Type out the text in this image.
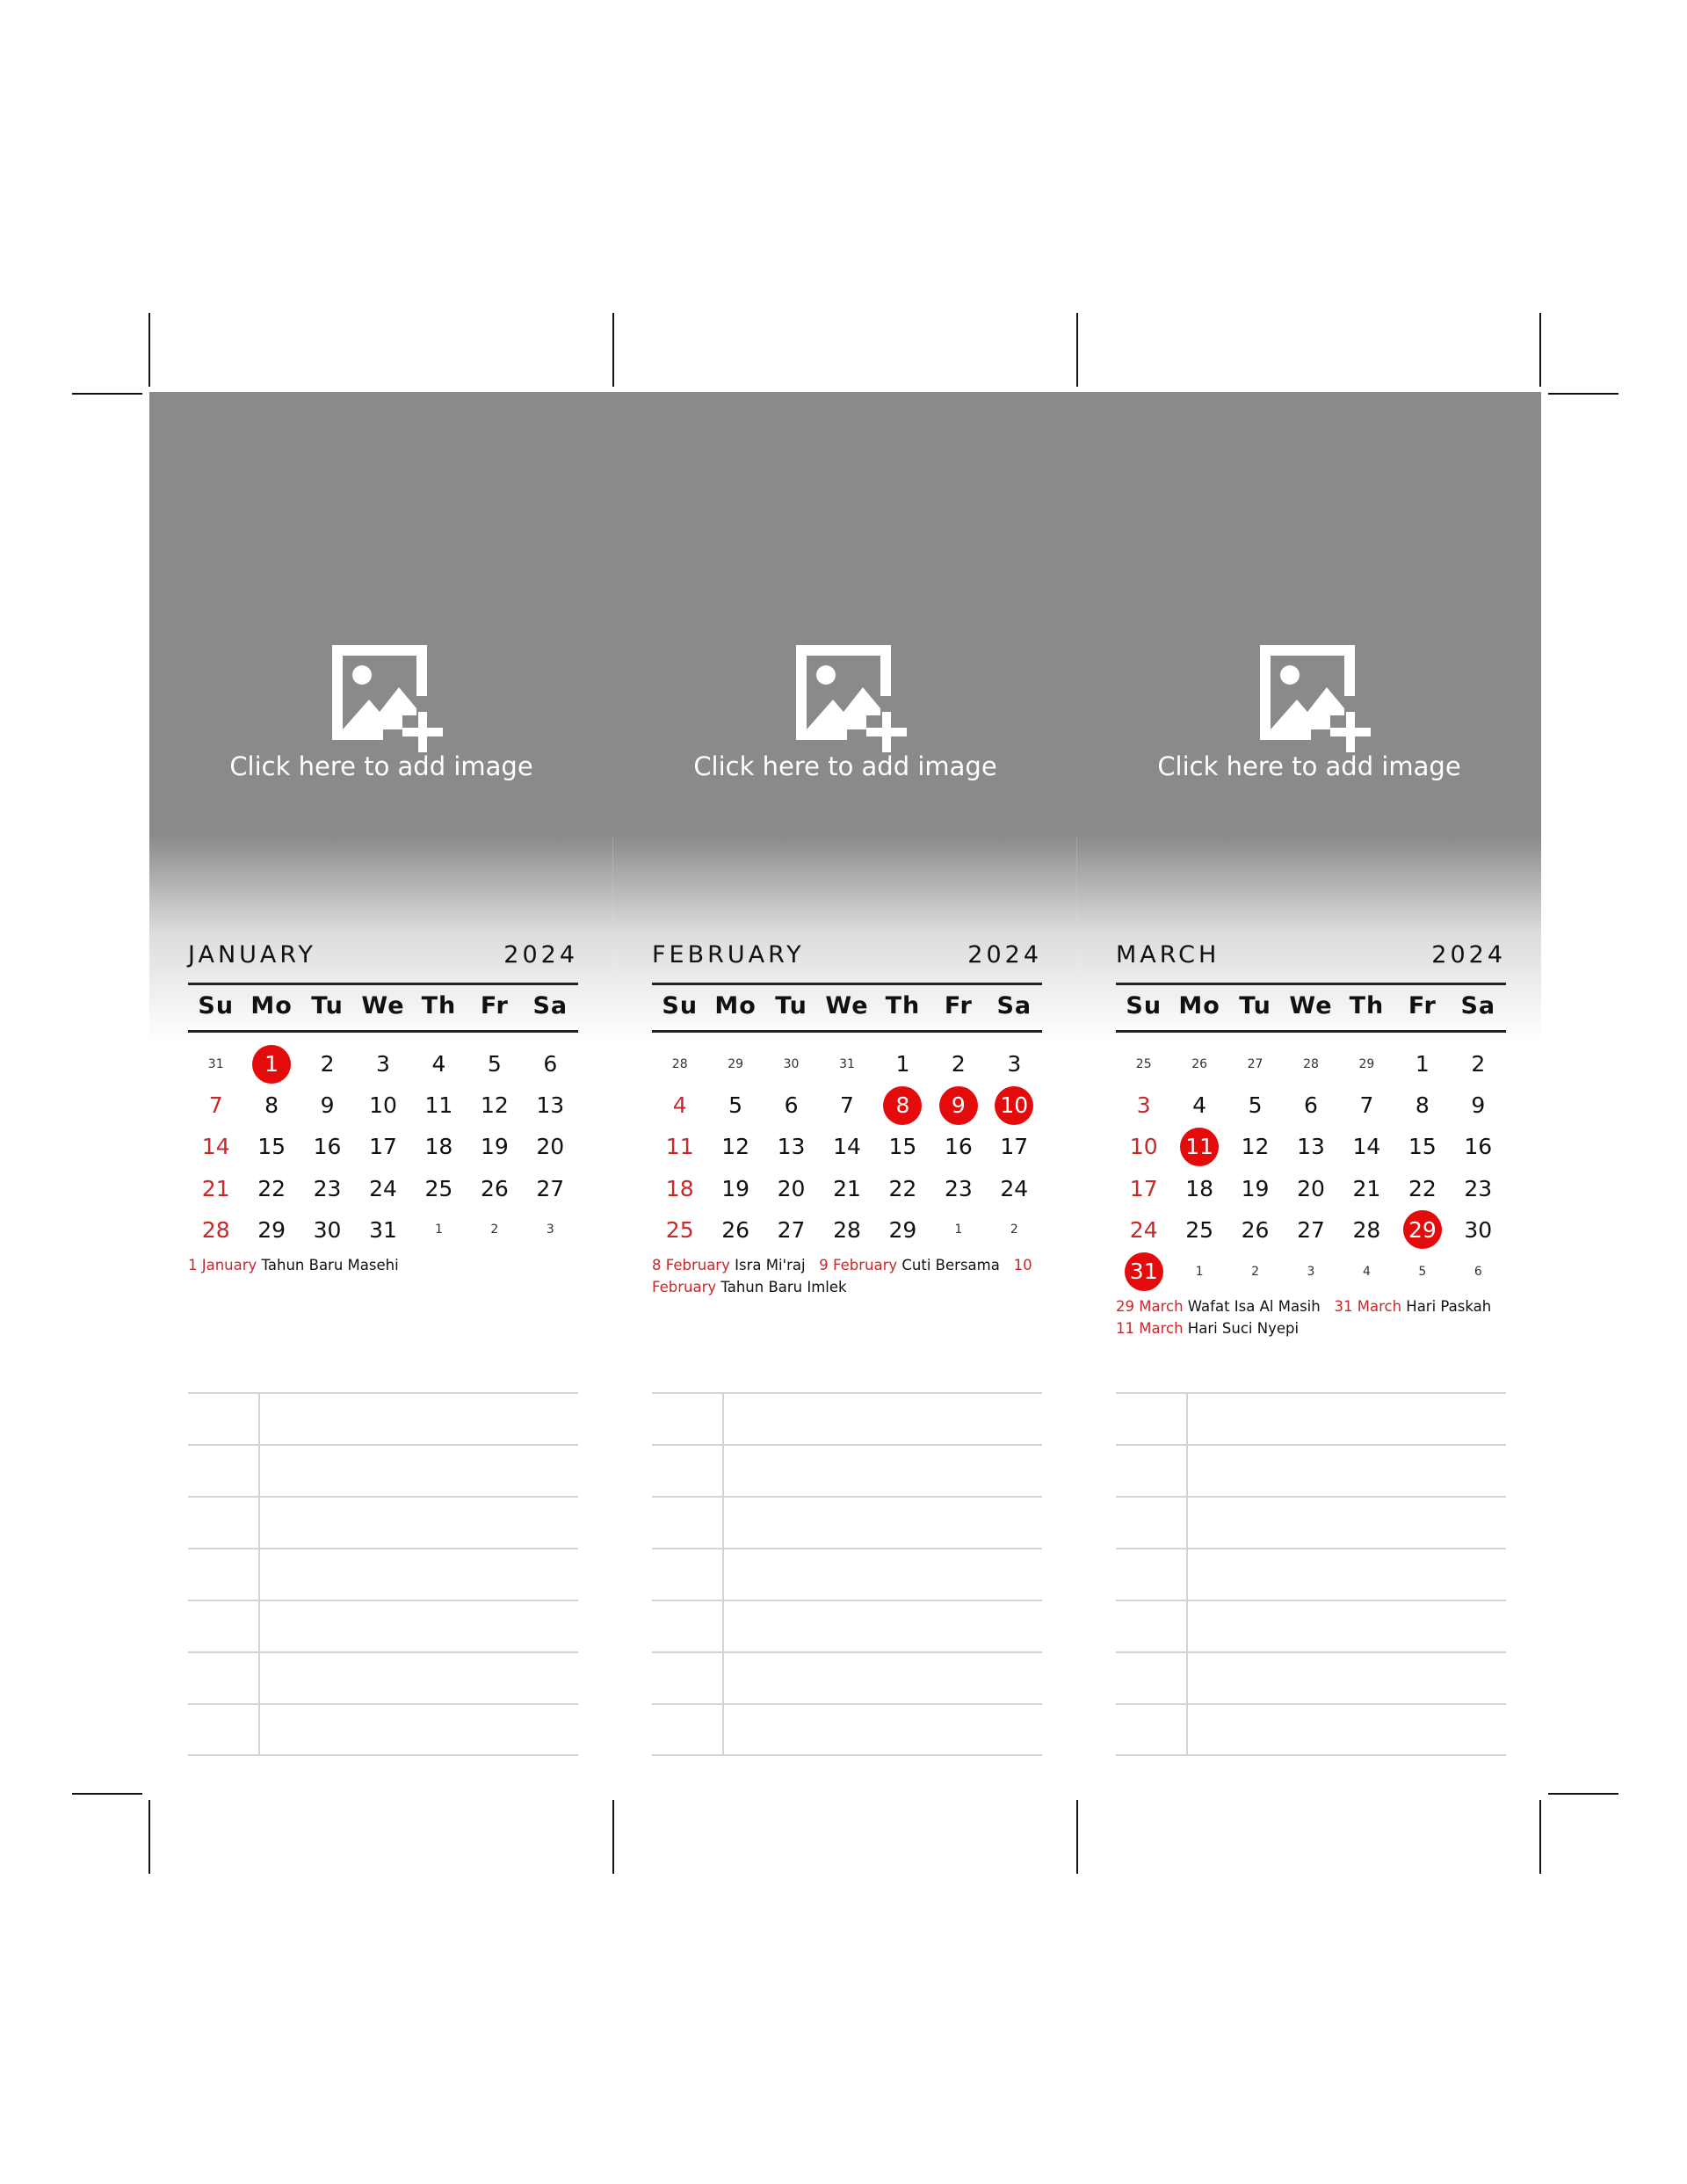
Click here to add image
JANUARY	2024
Su Mo Tu We Th	Fr	Sa
31	1	2 3 4 5 6
7 8 9 10 11 12 13
14 15 16 17 18 19 20
21 22 23 24 25 26 27
28 29 30 31	1	2	3
1 January Tahun Baru Masehi
Click here to add image
FEBRUARY	2024
Su Mo Tu We Th	Fr	Sa
28	29	30	31 1 2 3
4 5 6 7	8	9	10
11 12 13 14 15 16 17
18 19 20 21 22 23 24
25 26 27 28 29	1	2
8 February Isra Mi'raj 9 February Cuti Bersama 10 February Tahun Baru Imlek
Click here to add image
MARCH	2024
Su Mo Tu We Th	Fr	Sa
25	26	27	28	29 1 2
3 4 5 6 7 8 9
10 11 12 13 14 15 16
17 18 19 20 21 22 23
24 25 26 27 28 29 30
31	1	2	3	4	5	6
29 March Wafat Isa Al Masih 31 March Hari Paskah   11 March Hari Suci Nyepi
